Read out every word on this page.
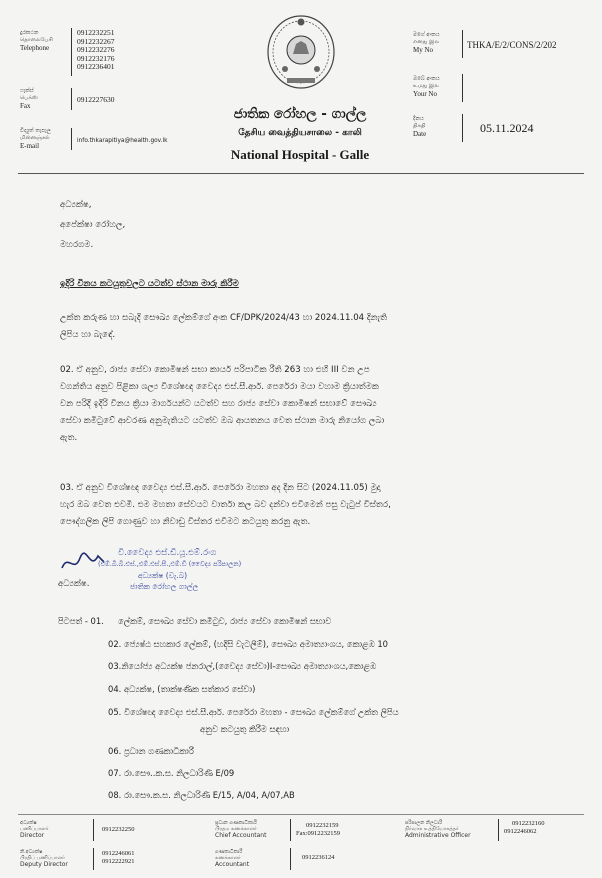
දුරකථන
தொலைபேசி
Telephone
0912232251
0912232267
0912232276
0912232176
0912236401
ෆැක්ස්
பெக்ஸ்
Fax
0912227630
විද්‍යුත් තැපෑල
மின்னஞ்சல்
E-mail
info.thkarapitiya@health.gov.lk
ජාතික රෝහල - ගාල්ල
தேசிய வைத்தியசாலை - காலி
National Hospital - Galle
මගේ අංකය
எனது இல
My No	THKA/E/2/CONS/2/202
ඔබේ අංකය
உமது இல
Your No
දිනය
திகதி
Date	05.11.2024
අධ්‍යක්ෂ,
අපේක්ෂා රෝහල,
මහරගම.
ඉදිරි විනය කටයුතුවලට යටත්ව ස්ථාන මාරු කිරීම
උක්ත කරුණ හා සබැදි සෞඛ්‍ය ලේකම්ගේ අංක CF/DPK/2024/43 හා 2024.11.04 දිනැති
ලිපිය හා බැඳේ.
02. ඒ අනුව, රාජ්‍ය සේවා කොමිෂන් සභා කාර්ය පරිපාටික රීති 263 හා එහි III වන උප
වගන්තිය අනුව පිළිකා ශල්‍ය විශේෂඥ වෛද්‍ය එස්.සී.ආර්. පෙරේරා මයා වහාම ක්‍රියාත්මක
වන පරිදි ඉදිරි විනය ක්‍රියා මාර්ගයන්ට යටත්ව සහ රාජ්‍ය සේවා කොමිෂන් සභාවේ සෞඛ්‍ය
සේවා කමිටුවේ ආවරණ අනුමැතියට යටත්ව ඔබ ආයතනය වෙත ස්ථාන මාරු නියෝග ලබා
ඇත.
03. ඒ අනුව විශේෂඥ වෛද්‍ය එස්.සී.ආර්. පෙරේරා මහතා අද දින සිට (2024.11.05) මුදා
හැර ඔබ වෙත එවමි. එම මහතා සේවයට වාර්තා කල බව දන්වා එවීමෙන් පසු වැටුප් විස්තර,
පෞද්ගලික ලිපි ගොණුව හා නිවාඩු විස්තර එවීමට කටයුතු කරනු ඇත.
වි.වෛද්‍ය එස්.ඩී.යූ.එම්.රංග
(එම්.බී.බී.එස්.,එම්.එස්.සී.,එම්.ඩී (වෛද්‍ය පරිපාලන)
අධ්‍යක්ෂ (වැ.බ)
ජාතික රෝහල ගාල්ල
අධ්‍යක්ෂ.
පිටපත් - 01. ලේකම්, සෞඛ්‍ය සේවා කමිටුව, රාජ්‍ය සේවා කොමිෂන් සභාව
02. ජ්‍යෙෂ්ඨ සහකාර ලේකම්, (හදිසි වැටලීම්), සෞඛ්‍ය අමාත්‍යාංශය, කොළඹ 10
03.නියෝජ්‍ය අධ්‍යක්ෂ ජනරාල්,(වෛද්‍ය සේවා)I-සෞඛ්‍ය අමාත්‍යාංශය,කොළඹ
04. අධ්‍යක්ෂ, (තාක්ෂණික සත්කාර සේවා)
05. විශේෂඥ වෛද්‍ය එස්.සී.ආර්. පෙරේරා මහතා - සෞඛ්‍ය ලේකම්ගේ උක්ත ලිපිය
අනුව කටයුතු කිරීම සඳහා
06. ප්‍රධාන ගණකාධිකාරී
07. රා.සෞ..ක.ස. නිලධාරිණී E/09
08. රා.සෞ.ක.ස. නිලධාරිණී E/15, A/04, A/07,AB
අධ්‍යක්ෂ
பணிப்பாளர்
Director
0912232250
නි.අධ්‍යක්ෂ
பிரதிப் பணிப்பாளர்
Deputy Director
0912246061
0912222921
ප්‍රධාන ගණකාධිකාරී
பிரதம கணக்காளர்
Chief Accountant
0912232159
Fax:0912232159
ගණකාධිකාරී
கணக்காளர்
Accountant
0912236124
පරිපාලන නිලධාරී
நிர்வாக உத்தியோகத்தர்
Administrative Officer
0912232160
0912246062
